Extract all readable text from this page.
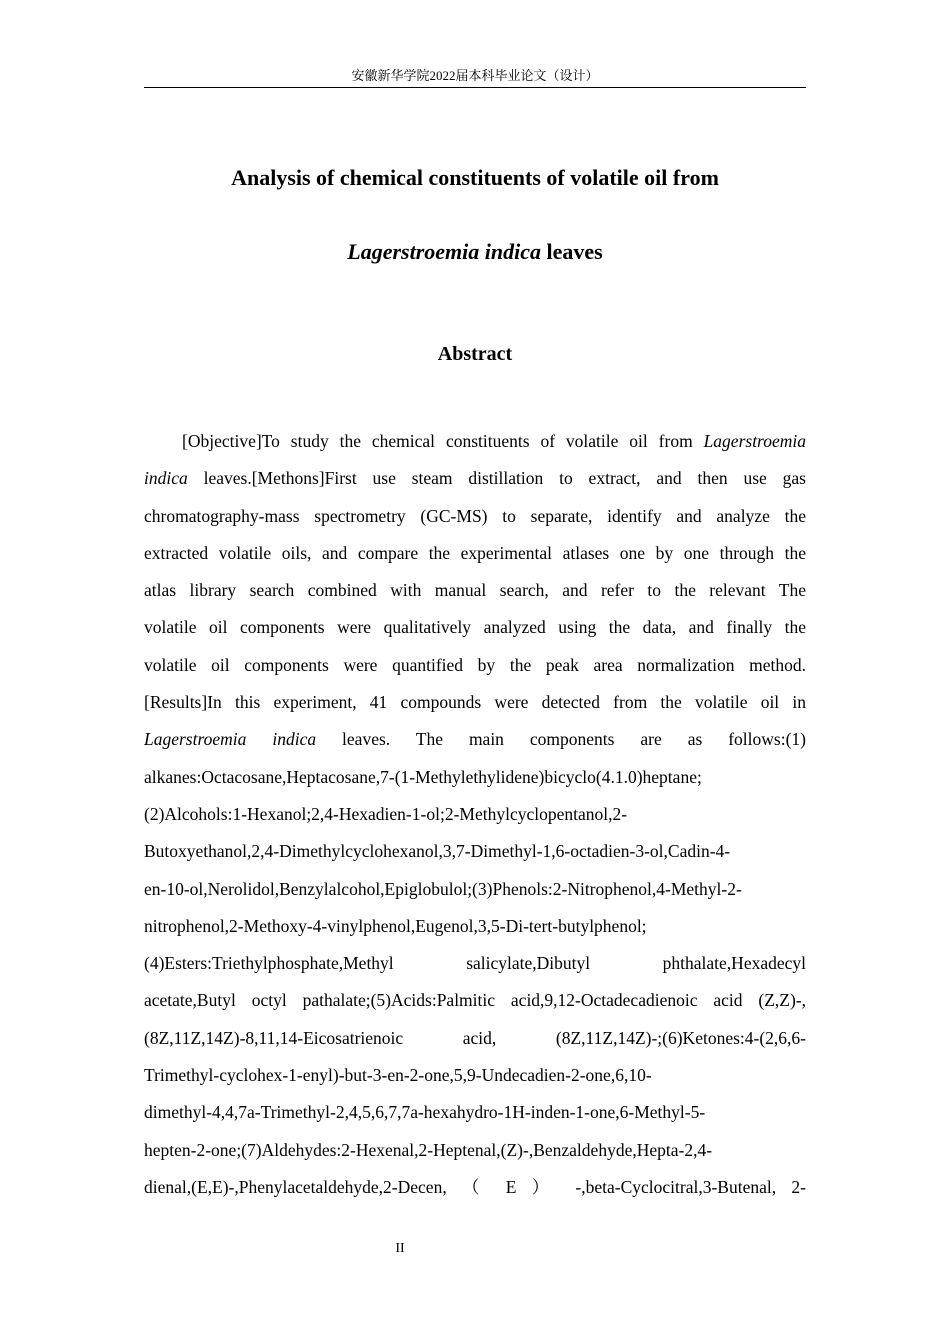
安徽新华学院2022届本科毕业论文（设计）
Analysis of chemical constituents of volatile oil from
Lagerstroemia indica leaves
Abstract
[Objective]To study the chemical constituents of volatile oil from Lagerstroemia
indica leaves.[Methons]First use steam distillation to extract, and then use gas
chromatography-mass spectrometry (GC-MS) to separate, identify and analyze the
extracted volatile oils, and compare the experimental atlases one by one through the
atlas library search combined with manual search, and refer to the relevant The
volatile oil components were qualitatively analyzed using the data, and finally the
volatile oil components were quantified by the peak area normalization method.
[Results]In this experiment, 41 compounds were detected from the volatile oil in
Lagerstroemia indica leaves. The main components are as follows:(1)
alkanes:Octacosane,Heptacosane,7-(1-Methylethylidene)bicyclo(4.1.0)heptane;
(2)Alcohols:1-Hexanol;2,4-Hexadien-1-ol;2-Methylcyclopentanol,2-
Butoxyethanol,2,4-Dimethylcyclohexanol,3,7-Dimethyl-1,6-octadien-3-ol,Cadin-4-
en-10-ol,Nerolidol,Benzylalcohol,Epiglobulol;(3)Phenols:2-Nitrophenol,4-Methyl-2-
nitrophenol,2-Methoxy-4-vinylphenol,Eugenol,3,5-Di-tert-butylphenol;
(4)Esters:Triethylphosphate,Methyl salicylate,Dibutyl phthalate,Hexadecyl
acetate,Butyl octyl pathalate;(5)Acids:Palmitic acid,9,12-Octadecadienoic acid (Z,Z)-,
(8Z,11Z,14Z)-8,11,14-Eicosatrienoic acid, (8Z,11Z,14Z)-;(6)Ketones:4-(2,6,6-
Trimethyl-cyclohex-1-enyl)-but-3-en-2-one,5,9-Undecadien-2-one,6,10-
dimethyl-4,4,7a-Trimethyl-2,4,5,6,7,7a-hexahydro-1H-inden-1-one,6-Methyl-5-
hepten-2-one;(7)Aldehydes:2-Hexenal,2-Heptenal,(Z)-,Benzaldehyde,Hepta-2,4-
dienal,(E,E)-,Phenylacetaldehyde,2-Decen, （ E ） -,beta-Cyclocitral,3-Butenal, 2-
II
